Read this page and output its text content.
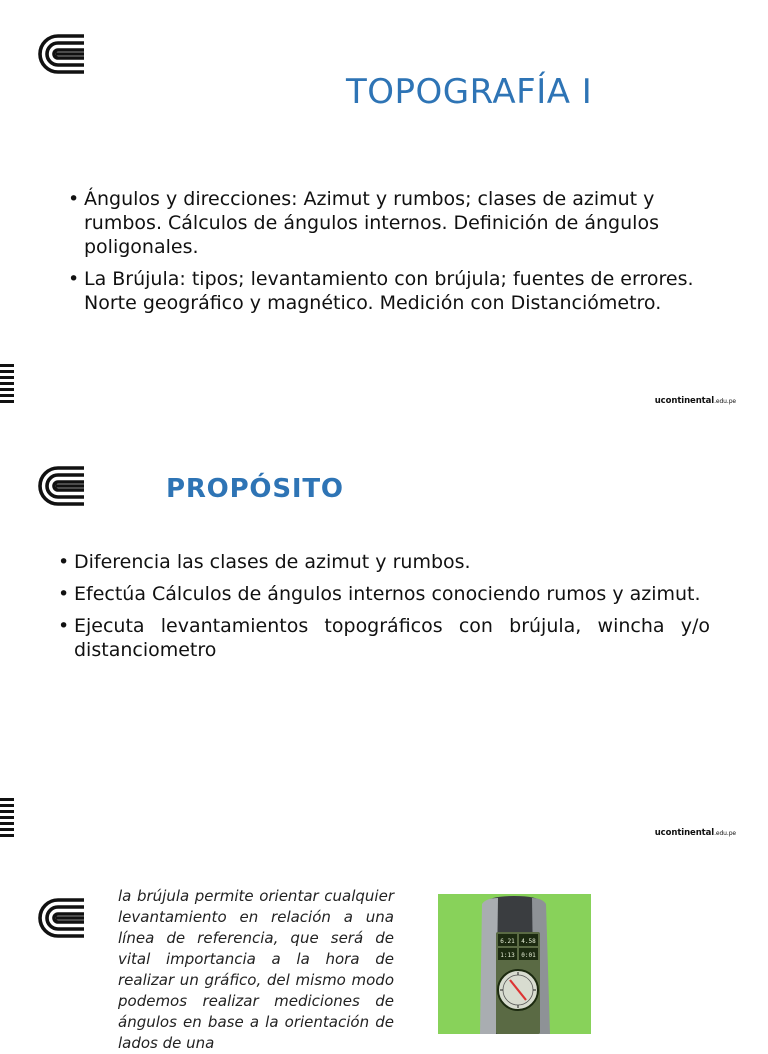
TOPOGRAFÍA I
• Ángulos y direcciones: Azimut y rumbos; clases de azimut y rumbos. Cálculos de ángulos internos. Definición de ángulos poligonales.
• La Brújula: tipos; levantamiento con brújula; fuentes de errores. Norte geográfico y magnético. Medición con Distanciómetro.
ucontinental.edu.pe
PROPÓSITO
• Diferencia las clases de azimut y rumbos.
• Efectúa Cálculos de ángulos internos conociendo rumos y azimut.
• Ejecuta levantamientos topográficos con brújula, wincha y/o distanciometro
ucontinental.edu.pe
la brújula permite orientar cualquier levantamiento en relación a una línea de referencia, que será de vital importancia a la hora de realizar un gráfico, del mismo modo podemos realizar mediciones de ángulos en base a la orientación de lados de una
6.21 4.58
1:13 0:01
